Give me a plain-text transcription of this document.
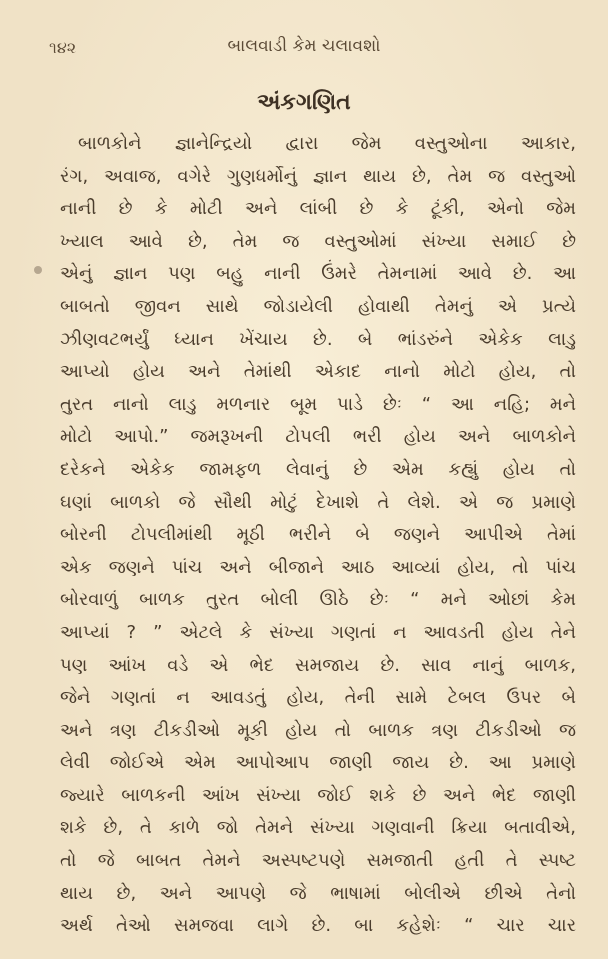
૧૪૨	બાલવાડી કેમ ચલાવશો
અંકગણિત
બાળકોને જ્ઞાનેન્દ્રિયો દ્વારા જેમ વસ્તુઓના આકાર,
રંગ, અવાજ, વગેરે ગુણધર્મોનું જ્ઞાન થાય છે, તેમ જ વસ્તુઓ
નાની છે કે મોટી અને લાંબી છે કે ટૂંકી, એનો જેમ
ખ્યાલ આવે છે, તેમ જ વસ્તુઓમાં સંખ્યા સમાઈ છે
એનું જ્ઞાન પણ બહુ નાની ઉંમરે તેમનામાં આવે છે. આ
બાબતો જીવન સાથે જોડાયેલી હોવાથી તેમનું એ પ્રત્યે
ઝીણવટભર્યું ધ્યાન ખેંચાય છે. બે ભાંડરુંને એકેક લાડુ
આપ્યો હોય અને તેમાંથી એકાદ નાનો મોટો હોય, તો
તુરત નાનો લાડુ મળનાર બૂમ પાડે છેઃ “ આ નહિ; મને
મોટો આપો.” જમરૂખની ટોપલી ભરી હોય અને બાળકોને
દરેકને એકેક જામફળ લેવાનું છે એમ કહ્યું હોય તો
ઘણાં બાળકો જે સૌથી મોટું દેખાશે તે લેશે. એ જ પ્રમાણે
બોરની ટોપલીમાંથી મૂઠી ભરીને બે જણને આપીએ તેમાં
એક જણને પાંચ અને બીજાને આઠ આવ્યાં હોય, તો પાંચ
બોરવાળું બાળક તુરત બોલી ઊઠે છેઃ “ મને ઓછાં કેમ
આપ્યાં ? ” એટલે કે સંખ્યા ગણતાં ન આવડતી હોય તેને
પણ આંખ વડે એ ભેદ સમજાય છે. સાવ નાનું બાળક,
જેને ગણતાં ન આવડતું હોય, તેની સામે ટેબલ ઉપર બે
અને ત્રણ ટીકડીઓ મૂકી હોય તો બાળક ત્રણ ટીકડીઓ જ
લેવી જોઈએ એમ આપોઆપ જાણી જાય છે. આ પ્રમાણે
જ્યારે બાળકની આંખ સંખ્યા જોઈ શકે છે અને ભેદ જાણી
શકે છે, તે કાળે જો તેમને સંખ્યા ગણવાની ક્રિયા બતાવીએ,
તો જે બાબત તેમને અસ્પષ્ટપણે સમજાતી હતી તે સ્પષ્ટ
થાય છે, અને આપણે જે ભાષામાં બોલીએ છીએ તેનો
અર્થ તેઓ સમજવા લાગે છે. બા કહેશેઃ “ ચાર ચાર
